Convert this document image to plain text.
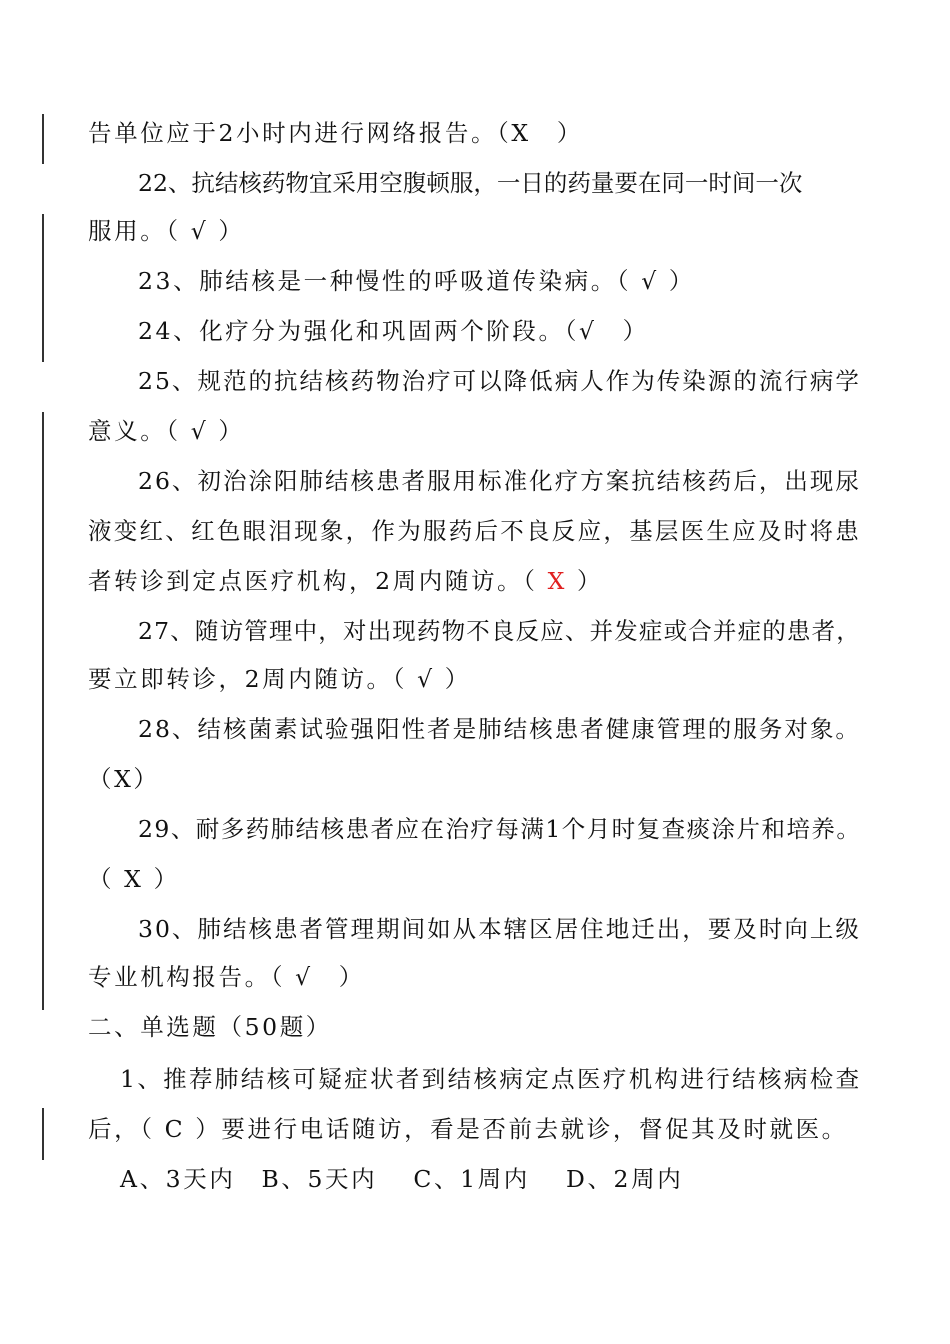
告单位应于2小时内进行网络报告。（X　）
22、抗结核药物宜采用空腹顿服，一日的药量要在同一时间一次
服用。（ √ ）
23、肺结核是一种慢性的呼吸道传染病。（ √ ）
24、化疗分为强化和巩固两个阶段。（√　）
25、规范的抗结核药物治疗可以降低病人作为传染源的流行病学
意义。（ √ ）
26、初治涂阳肺结核患者服用标准化疗方案抗结核药后，出现尿
液变红、红色眼泪现象，作为服药后不良反应，基层医生应及时将患
者转诊到定点医疗机构，2周内随访。（ X ）
27、随访管理中，对出现药物不良反应、并发症或合并症的患者，
要立即转诊，2周内随访。（ √ ）
28、结核菌素试验强阳性者是肺结核患者健康管理的服务对象。
（X）
29、耐多药肺结核患者应在治疗每满1个月时复查痰涂片和培养。
（ X ）
30、肺结核患者管理期间如从本辖区居住地迁出，要及时向上级
专业机构报告。（ √　）
二、单选题（50题）
1、推荐肺结核可疑症状者到结核病定点医疗机构进行结核病检查
后，（ C ）要进行电话随访，看是否前去就诊，督促其及时就医。
A、3天内　B、5天内　 C、1周内　 D、2周内
